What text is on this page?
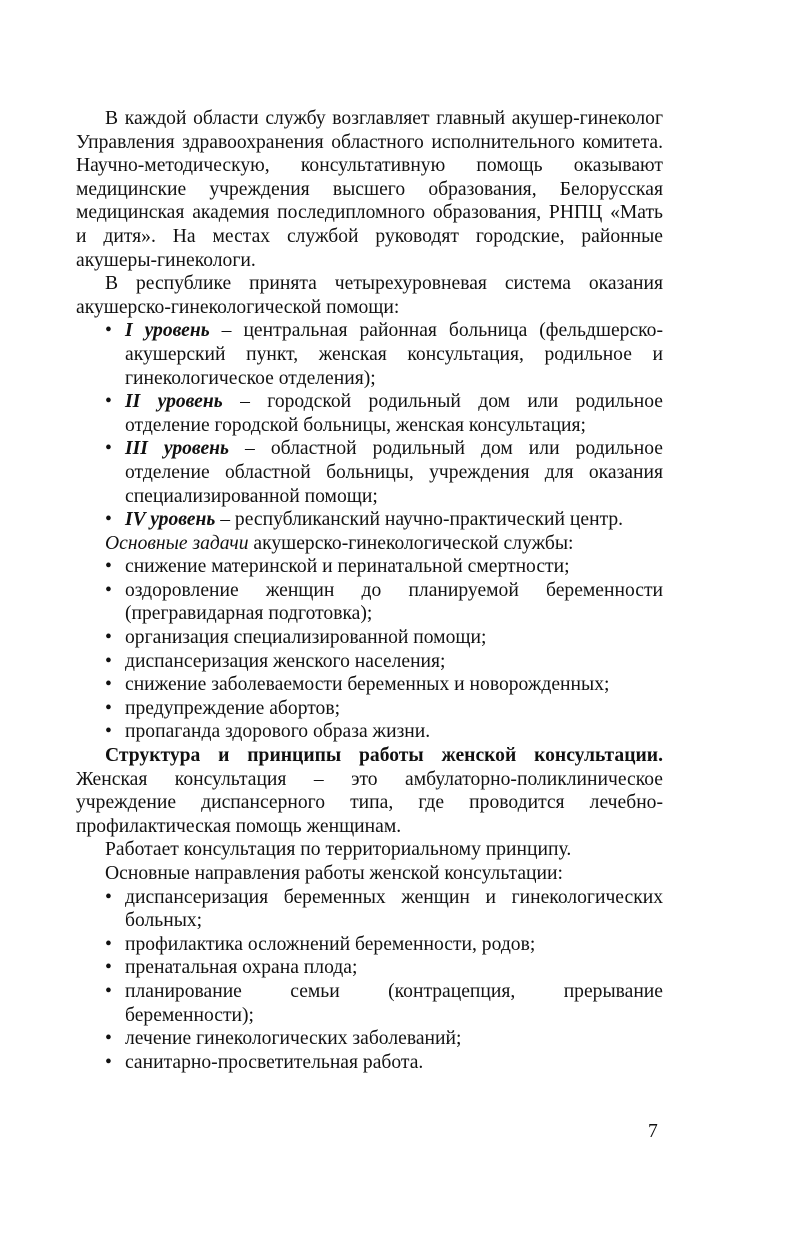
В каждой области службу возглавляет главный акушер-гинеколог Управления здравоохранения областного исполнительного комитета. Научно-методическую, консультативную помощь оказывают медицинские учреждения высшего образования, Белорусская медицинская академия последипломного образования, РНПЦ «Мать и дитя». На местах службой руководят городские, районные акушеры-гинекологи.

В республике принята четырехуровневая система оказания акушерско-гинекологической помощи:

• I уровень – центральная районная больница (фельдшерско-акушерский пункт, женская консультация, родильное и гинекологическое отделения);
• II уровень – городской родильный дом или родильное отделение городской больницы, женская консультация;
• III уровень – областной родильный дом или родильное отделение областной больницы, учреждения для оказания специализированной помощи;
• IV уровень – республиканский научно-практический центр.

Основные задачи акушерско-гинекологической службы:

• снижение материнской и перинатальной смертности;
• оздоровление женщин до планируемой беременности (прегравидарная подготовка);
• организация специализированной помощи;
• диспансеризация женского населения;
• снижение заболеваемости беременных и новорожденных;
• предупреждение абортов;
• пропаганда здорового образа жизни.

Структура и принципы работы женской консультации. Женская консультация – это амбулаторно-поликлиническое учреждение диспансерного типа, где проводится лечебно-профилактическая помощь женщинам.

Работает консультация по территориальному принципу.

Основные направления работы женской консультации:

• диспансеризация беременных женщин и гинекологических больных;
• профилактика осложнений беременности, родов;
• пренатальная охрана плода;
• планирование семьи (контрацепция, прерывание беременности);
• лечение гинекологических заболеваний;
• санитарно-просветительная работа.
7
